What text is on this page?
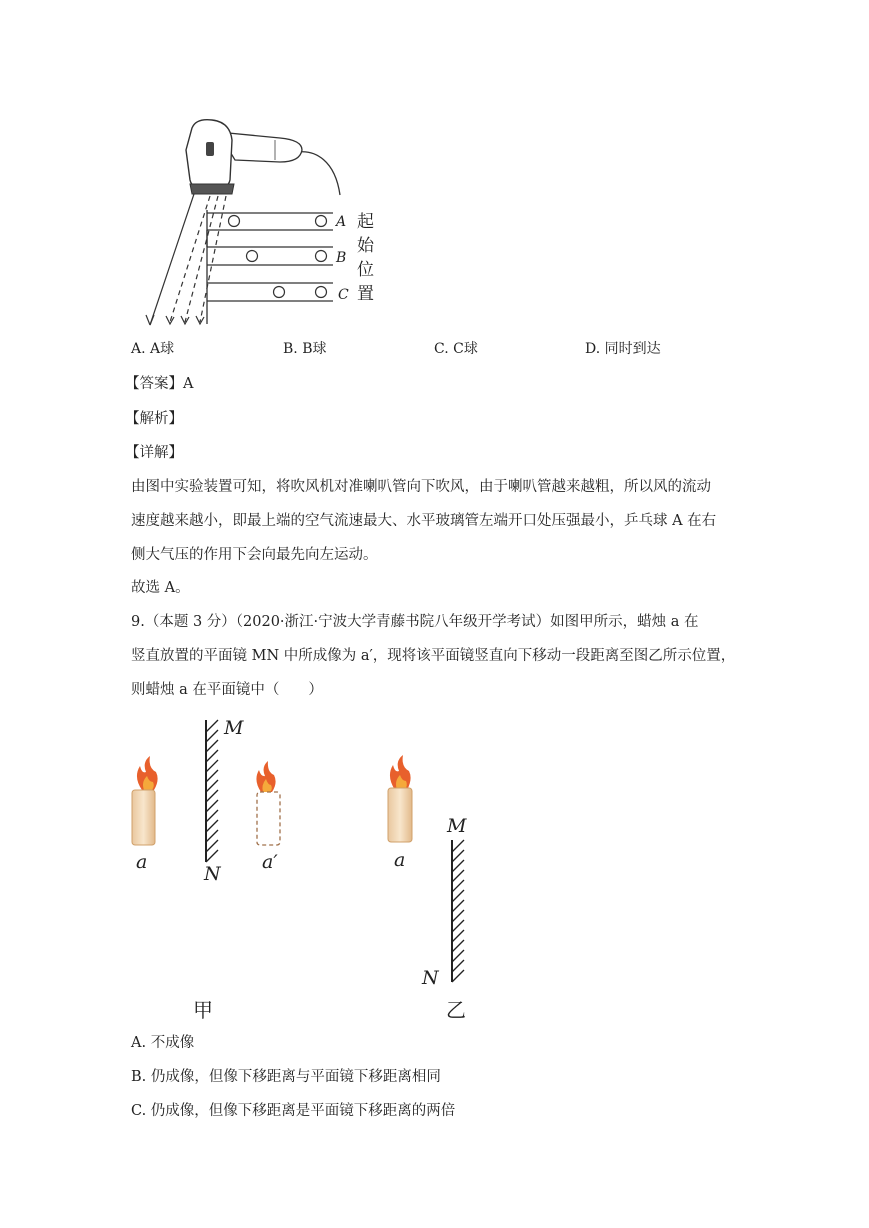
A
B
C
起
始
位
置
A. A球	B. B球	C. C球	D. 同时到达
【答案】A
【解析】
【详解】
由图中实验装置可知，将吹风机对准喇叭管向下吹风，由于喇叭管越来越粗，所以风的流动
速度越来越小，即最上端的空气流速最大、水平玻璃管左端开口处压强最小，乒乓球 A 在右
侧大气压的作用下会向最先向左运动。
故选 A。
9.（本题 3 分）（2020·浙江·宁波大学青藤书院八年级开学考试）如图甲所示，蜡烛 a 在
竖直放置的平面镜 MN 中所成像为 a′，现将该平面镜竖直向下移动一段距离至图乙所示位置，
则蜡烛 a 在平面镜中（　　）
a
M
N
a′	a
M
N
甲	乙
A. 不成像
B. 仍成像，但像下移距离与平面镜下移距离相同
C. 仍成像，但像下移距离是平面镜下移距离的两倍
